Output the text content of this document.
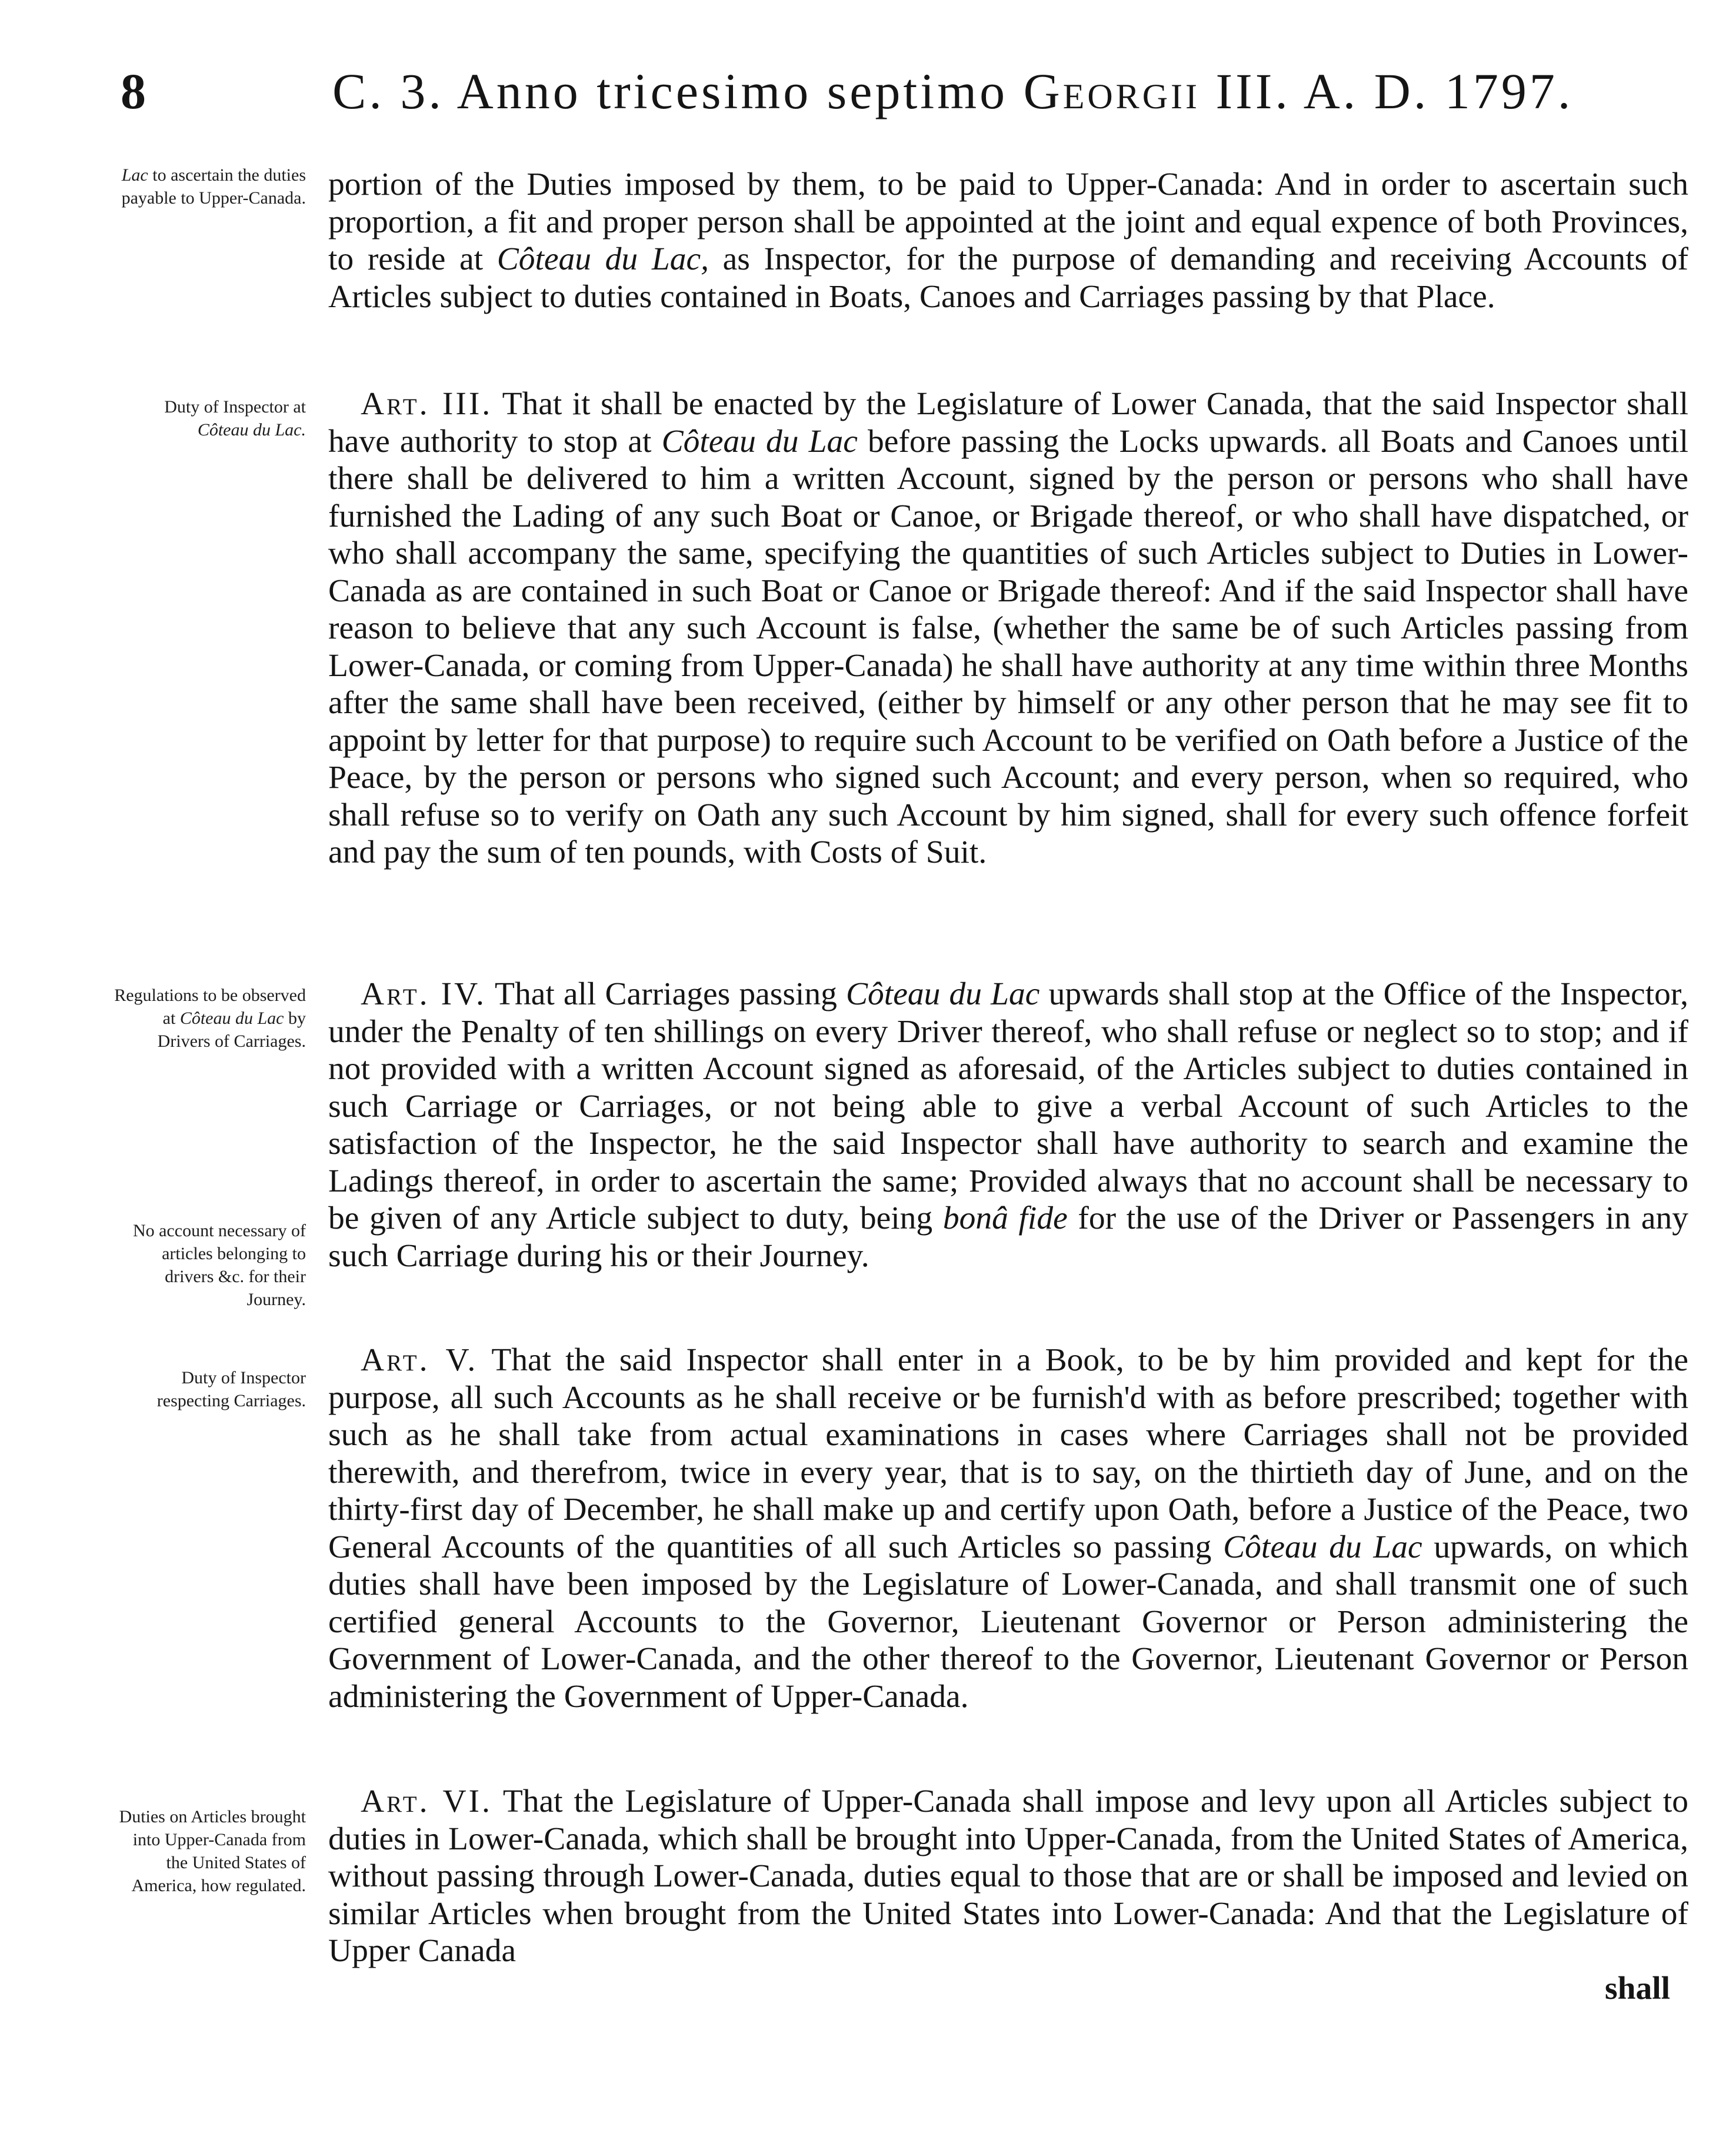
8	C. 3. Anno tricesimo septimo Georgii III. A. D. 1797.
Lac to ascertain the duties payable to Upper-Canada.
Duty of Inspector at Côteau du Lac.
Regulations to be observed at Côteau du Lac by Drivers of Carriages.
No account necessary of articles belonging to drivers &c. for their Journey.
Duty of Inspector respecting Carriages.
Duties on Articles brought into Upper-Canada from the United States of America, how regulated.

portion of the Duties imposed by them, to be paid to Upper-Canada: And in order to ascertain such proportion, a fit and proper person shall be appointed at the joint and equal expence of both Provinces, to reside at Côteau du Lac, as Inspector, for the purpose of demanding and receiving Accounts of Articles subject to duties contained in Boats, Canoes and Carriages passing by that Place.

Art. III. That it shall be enacted by the Legislature of Lower Canada, that the said Inspector shall have authority to stop at Côteau du Lac before passing the Locks upwards. all Boats and Canoes until there shall be delivered to him a written Account, signed by the person or persons who shall have furnished the Lading of any such Boat or Canoe, or Brigade thereof, or who shall have dispatched, or who shall accompany the same, specifying the quantities of such Articles subject to Duties in Lower-Canada as are contained in such Boat or Canoe or Brigade thereof: And if the said Inspector shall have reason to believe that any such Account is false, (whether the same be of such Articles passing from Lower-Canada, or coming from Upper-Canada) he shall have authority at any time within three Months after the same shall have been received, (either by himself or any other person that he may see fit to appoint by letter for that purpose) to require such Account to be verified on Oath before a Justice of the Peace, by the person or persons who signed such Account; and every person, when so required, who shall refuse so to verify on Oath any such Account by him signed, shall for every such offence forfeit and pay the sum of ten pounds, with Costs of Suit.

Art. IV. That all Carriages passing Côteau du Lac upwards shall stop at the Office of the Inspector, under the Penalty of ten shillings on every Driver thereof, who shall refuse or neglect so to stop; and if not provided with a written Account signed as aforesaid, of the Articles subject to duties contained in such Carriage or Carriages, or not being able to give a verbal Account of such Articles to the satisfaction of the Inspector, he the said Inspector shall have authority to search and examine the Ladings thereof, in order to ascertain the same; Provided always that no account shall be necessary to be given of any Article subject to duty, being bonâ fide for the use of the Driver or Passengers in any such Carriage during his or their Journey.

Art. V. That the said Inspector shall enter in a Book, to be by him provided and kept for the purpose, all such Accounts as he shall receive or be furnish'd with as before prescribed; together with such as he shall take from actual examinations in cases where Carriages shall not be provided therewith, and therefrom, twice in every year, that is to say, on the thirtieth day of June, and on the thirty-first day of December, he shall make up and certify upon Oath, before a Justice of the Peace, two General Accounts of the quantities of all such Articles so passing Côteau du Lac upwards, on which duties shall have been imposed by the Legislature of Lower-Canada, and shall transmit one of such certified general Accounts to the Governor, Lieutenant Governor or Person administering the Government of Lower-Canada, and the other thereof to the Governor, Lieutenant Governor or Person administering the Government of Upper-Canada.

Art. VI. That the Legislature of Upper-Canada shall impose and levy upon all Articles subject to duties in Lower-Canada, which shall be brought into Upper-Canada, from the United States of America, without passing through Lower-Canada, duties equal to those that are or shall be imposed and levied on similar Articles when brought from the United States into Lower-Canada: And that the Legislature of Upper Canada

shall
